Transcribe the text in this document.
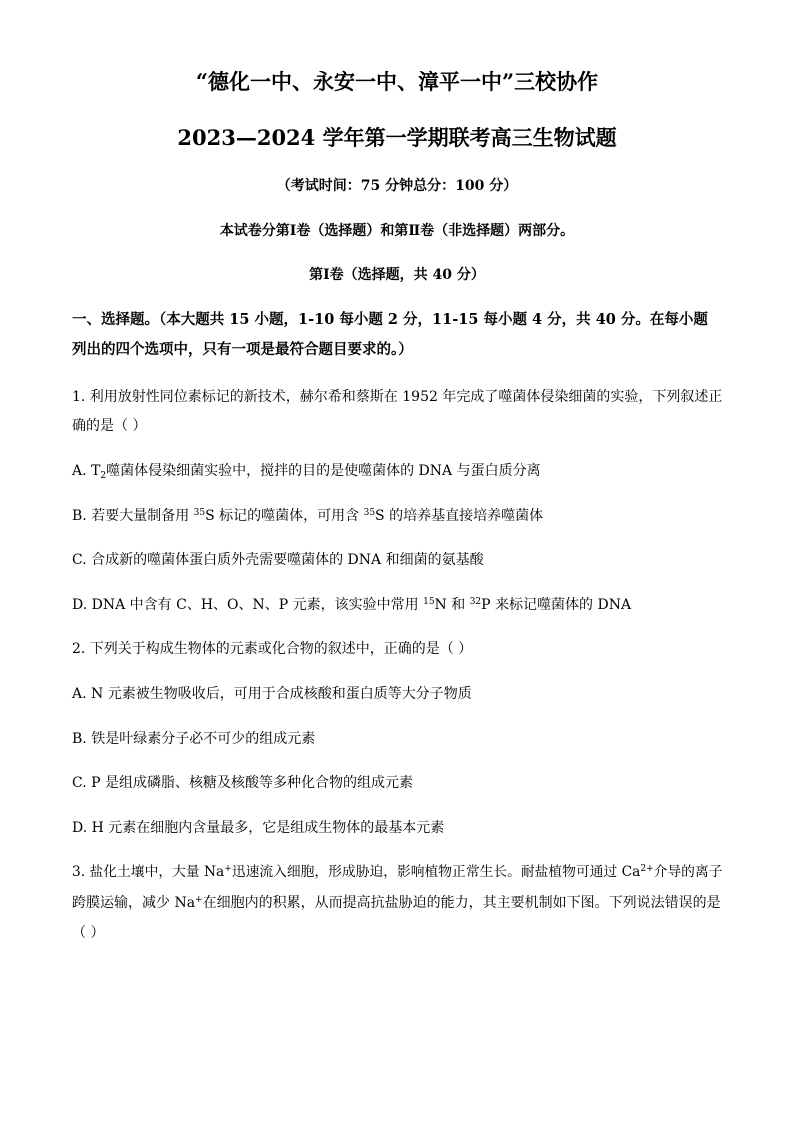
“德化一中、永安一中、漳平一中”三校协作
2023—2024 学年第一学期联考高三生物试题
（考试时间：75 分钟总分：100 分）
本试卷分第Ⅰ卷（选择题）和第Ⅱ卷（非选择题）两部分。
第Ⅰ卷（选择题，共 40 分）
一、选择题。（本大题共 15 小题，1-10 每小题 2 分，11-15 每小题 4 分，共 40 分。在每小题
列出的四个选项中，只有一项是最符合题目要求的。）
1. 利用放射性同位素标记的新技术，赫尔希和蔡斯在 1952 年完成了噬菌体侵染细菌的实验，下列叙述正
确的是（ ）
A. $T_2$噬菌体侵染细菌实验中，搅拌的目的是使噬菌体的 DNA 与蛋白质分离
B. 若要大量制备用 $^{35}$S 标记的噬菌体，可用含 $^{35}$S 的培养基直接培养噬菌体
C. 合成新的噬菌体蛋白质外壳需要噬菌体的 DNA 和细菌的氨基酸
D. DNA 中含有 C、H、O、N、P 元素，该实验中常用 $^{15}$N 和 $^{32}$P 来标记噬菌体的 DNA
2. 下列关于构成生物体的元素或化合物的叙述中，正确的是（ ）
A. N 元素被生物吸收后，可用于合成核酸和蛋白质等大分子物质
B. 铁是叶绿素分子必不可少的组成元素
C. P 是组成磷脂、核糖及核酸等多种化合物的组成元素
D. H 元素在细胞内含量最多，它是组成生物体的最基本元素
3. 盐化土壤中，大量 Na+迅速流入细胞，形成胁迫，影响植物正常生长。耐盐植物可通过 $Ca^{2+}$介导的离子
跨膜运输，减少 Na+在细胞内的积累，从而提高抗盐胁迫的能力，其主要机制如下图。下列说法错误的是
（ ）
